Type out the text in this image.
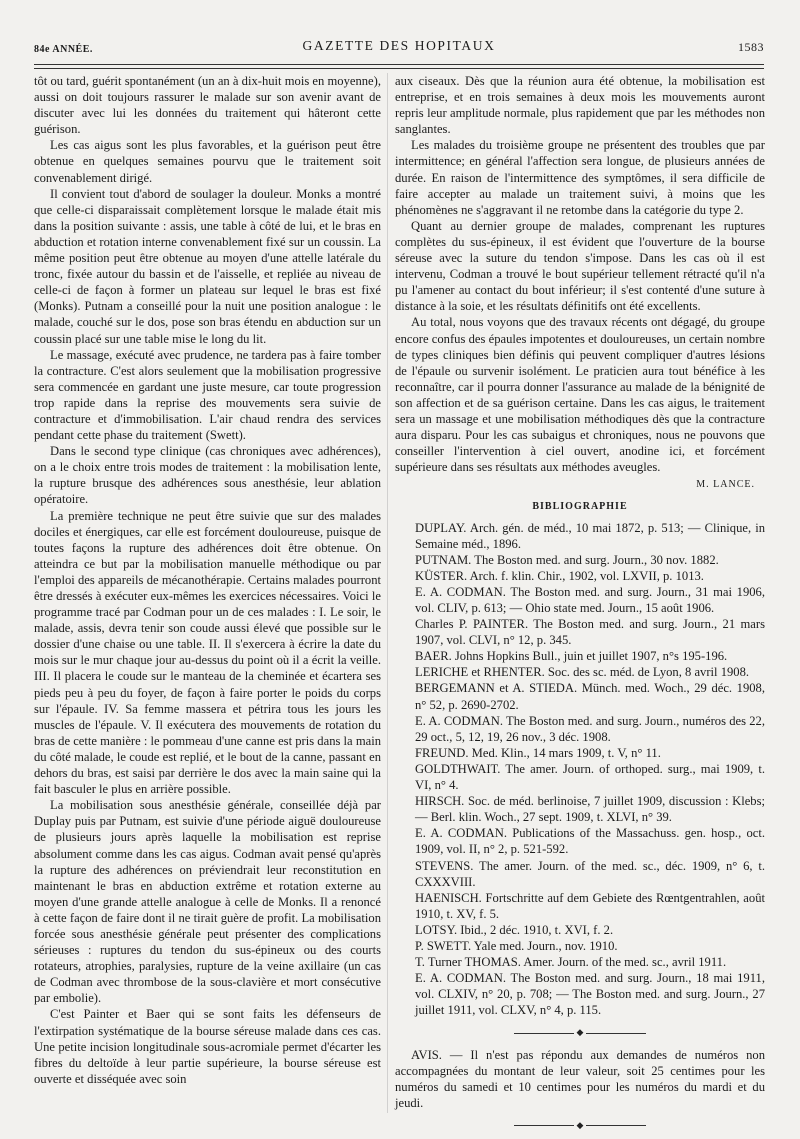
84e ANNÉE.	GAZETTE DES HOPITAUX	1583

tôt ou tard, guérit spontanément (un an à dix-huit mois en moyenne), aussi on doit toujours rassurer le malade sur son avenir avant de discuter avec lui les données du traitement qui hâteront cette guérison.

Les cas aigus sont les plus favorables, et la guérison peut être obtenue en quelques semaines pourvu que le traitement soit convenablement dirigé.

Il convient tout d'abord de soulager la douleur. Monks a montré que celle-ci disparaissait complètement lorsque le malade était mis dans la position suivante : assis, une table à côté de lui, et le bras en abduction et rotation interne convenablement fixé sur un coussin. La même position peut être obtenue au moyen d'une attelle latérale du tronc, fixée autour du bassin et de l'aisselle, et repliée au niveau de celle-ci de façon à former un plateau sur lequel le bras est fixé (Monks). Putnam a conseillé pour la nuit une position analogue : le malade, couché sur le dos, pose son bras étendu en abduction sur un coussin placé sur une table mise le long du lit.

Le massage, exécuté avec prudence, ne tardera pas à faire tomber la contracture. C'est alors seulement que la mobilisation progressive sera commencée en gardant une juste mesure, car toute progression trop rapide dans la reprise des mouvements sera suivie de contracture et d'immobilisation. L'air chaud rendra des services pendant cette phase du traitement (Swett).

Dans le second type clinique (cas chroniques avec adhérences), on a le choix entre trois modes de traitement : la mobilisation lente, la rupture brusque des adhérences sous anesthésie, leur ablation opératoire.

La première technique ne peut être suivie que sur des malades dociles et énergiques, car elle est forcément douloureuse, puisque de toutes façons la rupture des adhérences doit être obtenue. On atteindra ce but par la mobilisation manuelle méthodique ou par l'emploi des appareils de mécanothérapie. Certains malades pourront être dressés à exécuter eux-mêmes les exercices nécessaires. Voici le programme tracé par Codman pour un de ces malades : I. Le soir, le malade, assis, devra tenir son coude aussi élevé que possible sur le dossier d'une chaise ou une table. II. Il s'exercera à écrire la date du mois sur le mur chaque jour au-dessus du point où il a écrit la veille. III. Il placera le coude sur le manteau de la cheminée et écartera ses pieds peu à peu du foyer, de façon à faire porter le poids du corps sur l'épaule. IV. Sa femme massera et pétrira tous les jours les muscles de l'épaule. V. Il exécutera des mouvements de rotation du bras de cette manière : le pommeau d'une canne est pris dans la main du côté malade, le coude est replié, et le bout de la canne, passant en dehors du bras, est saisi par derrière le dos avec la main saine qui la fait basculer le plus en arrière possible.

La mobilisation sous anesthésie générale, conseillée déjà par Duplay puis par Putnam, est suivie d'une période aiguë douloureuse de plusieurs jours après laquelle la mobilisation est reprise absolument comme dans les cas aigus. Codman avait pensé qu'après la rupture des adhérences on préviendrait leur reconstitution en maintenant le bras en abduction extrême et rotation externe au moyen d'une grande attelle analogue à celle de Monks. Il a renoncé à cette façon de faire dont il ne tirait guère de profit. La mobilisation forcée sous anesthésie générale peut présenter des complications sérieuses : ruptures du tendon du sus-épineux ou des courts rotateurs, atrophies, paralysies, rupture de la veine axillaire (un cas de Codman avec thrombose de la sous-clavière et mort consécutive par embolie).

C'est Painter et Baer qui se sont faits les défenseurs de l'extirpation systématique de la bourse séreuse malade dans ces cas. Une petite incision longitudinale sous-acromiale permet d'écarter les fibres du deltoïde à leur partie supérieure, la bourse séreuse est ouverte et disséquée avec soin

aux ciseaux. Dès que la réunion aura été obtenue, la mobilisation est entreprise, et en trois semaines à deux mois les mouvements auront repris leur amplitude normale, plus rapidement que par les méthodes non sanglantes.

Les malades du troisième groupe ne présentent des troubles que par intermittence; en général l'affection sera longue, de plusieurs années de durée. En raison de l'intermittence des symptômes, il sera difficile de faire accepter au malade un traitement suivi, à moins que les phénomènes ne s'aggravant il ne retombe dans la catégorie du type 2.

Quant au dernier groupe de malades, comprenant les ruptures complètes du sus-épineux, il est évident que l'ouverture de la bourse séreuse avec la suture du tendon s'impose. Dans les cas où il est intervenu, Codman a trouvé le bout supérieur tellement rétracté qu'il n'a pu l'amener au contact du bout inférieur; il s'est contenté d'une suture à distance à la soie, et les résultats définitifs ont été excellents.

Au total, nous voyons que des travaux récents ont dégagé, du groupe encore confus des épaules impotentes et douloureuses, un certain nombre de types cliniques bien définis qui peuvent compliquer d'autres lésions de l'épaule ou survenir isolément. Le praticien aura tout bénéfice à les reconnaître, car il pourra donner l'assurance au malade de la bénignité de son affection et de sa guérison certaine. Dans les cas aigus, le traitement sera un massage et une mobilisation méthodiques dès que la contracture aura disparu. Pour les cas subaigus et chroniques, nous ne pouvons que conseiller l'intervention à ciel ouvert, anodine ici, et forcément supérieure dans ses résultats aux méthodes aveugles.

M. LANCE.
BIBLIOGRAPHIE

DUPLAY. Arch. gén. de méd., 10 mai 1872, p. 513; — Clinique, in Semaine méd., 1896.

PUTNAM. The Boston med. and surg. Journ., 30 nov. 1882.

KÜSTER. Arch. f. klin. Chir., 1902, vol. LXVII, p. 1013.

E. A. CODMAN. The Boston med. and surg. Journ., 31 mai 1906, vol. CLIV, p. 613; — Ohio state med. Journ., 15 août 1906.

Charles P. PAINTER. The Boston med. and surg. Journ., 21 mars 1907, vol. CLVI, n° 12, p. 345.

BAER. Johns Hopkins Bull., juin et juillet 1907, n°s 195-196.

LERICHE et RHENTER. Soc. des sc. méd. de Lyon, 8 avril 1908.

BERGEMANN et A. STIEDA. Münch. med. Woch., 29 déc. 1908, n° 52, p. 2690-2702.

E. A. CODMAN. The Boston med. and surg. Journ., numéros des 22, 29 oct., 5, 12, 19, 26 nov., 3 déc. 1908.

FREUND. Med. Klin., 14 mars 1909, t. V, n° 11.

GOLDTHWAIT. The amer. Journ. of orthoped. surg., mai 1909, t. VI, n° 4.

HIRSCH. Soc. de méd. berlinoise, 7 juillet 1909, discussion : Klebs; — Berl. klin. Woch., 27 sept. 1909, t. XLVI, n° 39.

E. A. CODMAN. Publications of the Massachuss. gen. hosp., oct. 1909, vol. II, n° 2, p. 521-592.

STEVENS. The amer. Journ. of the med. sc., déc. 1909, n° 6, t. CXXXVIII.

HAENISCH. Fortschritte auf dem Gebiete des Rœntgentrahlen, août 1910, t. XV, f. 5.

LOTSY. Ibid., 2 déc. 1910, t. XVI, f. 2.

P. SWETT. Yale med. Journ., nov. 1910.

T. Turner THOMAS. Amer. Journ. of the med. sc., avril 1911.

E. A. CODMAN. The Boston med. and surg. Journ., 18 mai 1911, vol. CLXIV, n° 20, p. 708; — The Boston med. and surg. Journ., 27 juillet 1911, vol. CLXV, n° 4, p. 115.

◆

AVIS. — Il n'est pas répondu aux demandes de numéros non accompagnées du montant de leur valeur, soit 25 centimes pour les numéros du samedi et 10 centimes pour les numéros du mardi et du jeudi.

◆
